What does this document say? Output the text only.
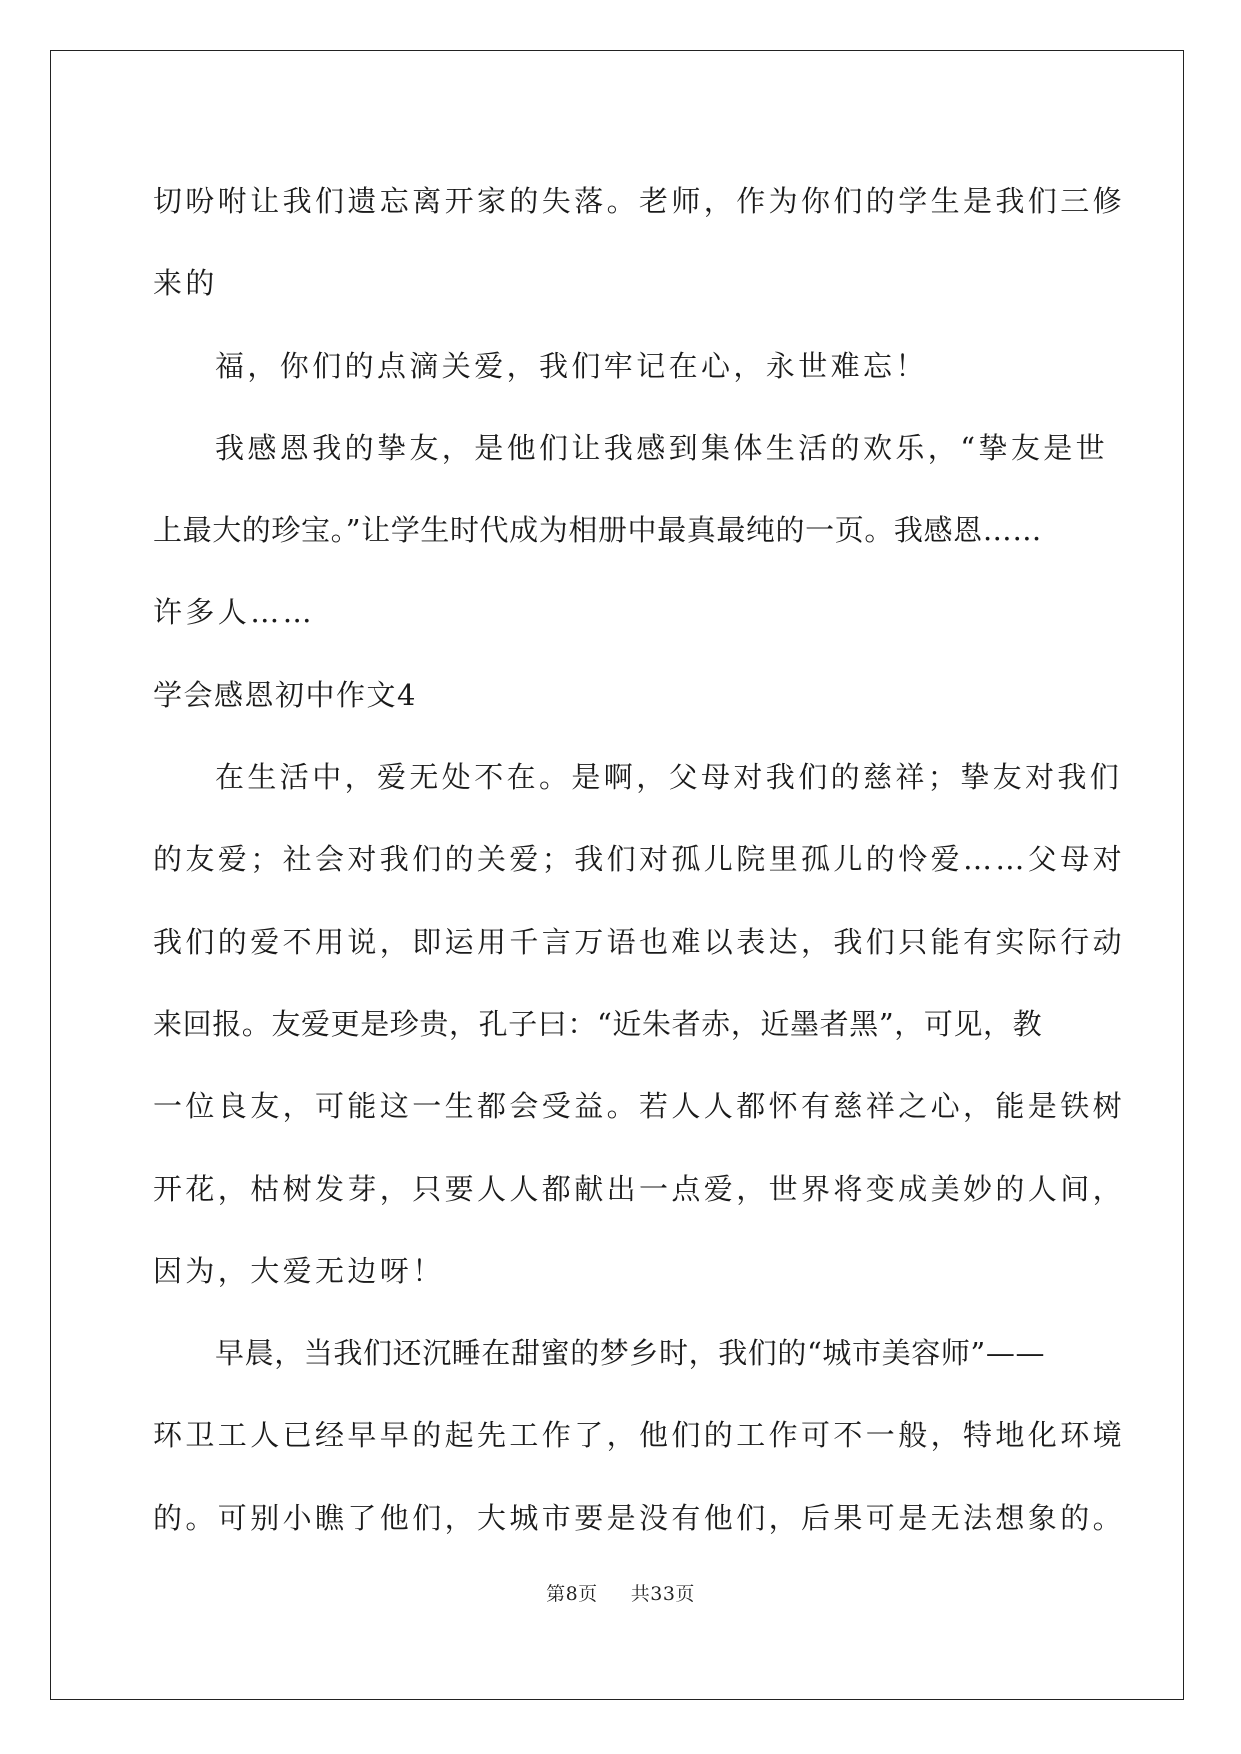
切吩咐让我们遗忘离开家的失落。老师，作为你们的学生是我们三修
来的
福，你们的点滴关爱，我们牢记在心，永世难忘！
我感恩我的挚友，是他们让我感到集体生活的欢乐，“挚友是世
上最大的珍宝。”让学生时代成为相册中最真最纯的一页。我感恩……
许多人……
学会感恩初中作文4
在生活中，爱无处不在。是啊，父母对我们的慈祥；挚友对我们
的友爱；社会对我们的关爱；我们对孤儿院里孤儿的怜爱……父母对
我们的爱不用说，即运用千言万语也难以表达，我们只能有实际行动
来回报。友爱更是珍贵，孔子曰：“近朱者赤，近墨者黑”，可见，教
一位良友，可能这一生都会受益。若人人都怀有慈祥之心，能是铁树
开花，枯树发芽，只要人人都献出一点爱，世界将变成美妙的人间，
因为，大爱无边呀！
早晨，当我们还沉睡在甜蜜的梦乡时，我们的“城市美容师”——
环卫工人已经早早的起先工作了，他们的工作可不一般，特地化环境
的。可别小瞧了他们，大城市要是没有他们，后果可是无法想象的。
第8页 共33页
